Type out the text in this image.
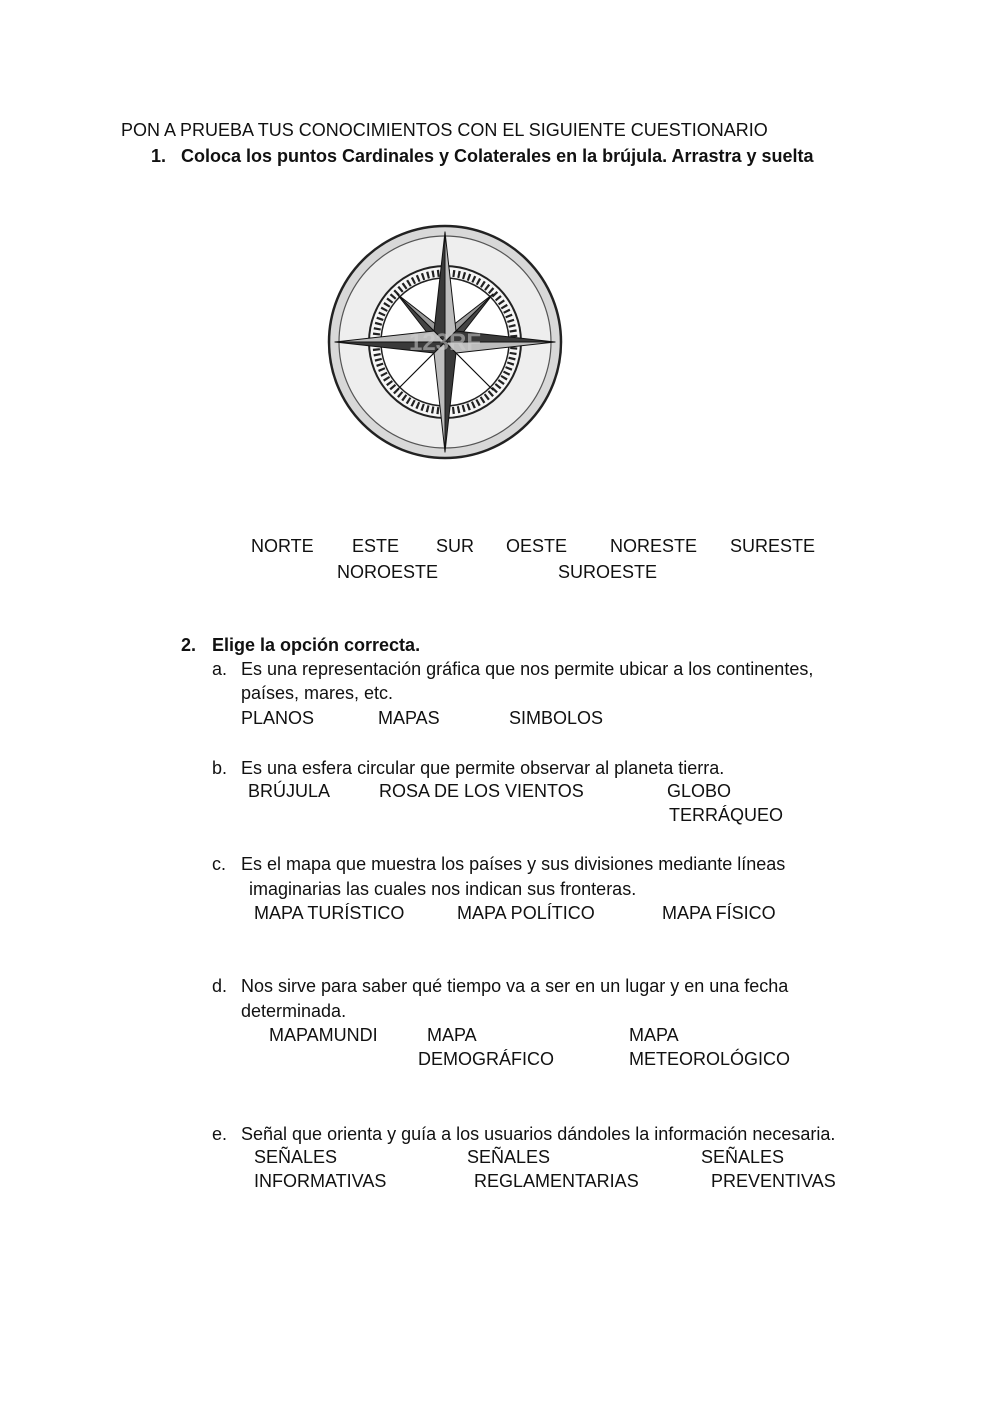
PON A PRUEBA TUS CONOCIMIENTOS CON EL SIGUIENTE CUESTIONARIO
1. Coloca los puntos Cardinales y Colaterales en la brújula. Arrastra y suelta
123RF
NORTE ESTE SUR OESTE NORESTE SURESTE
NOROESTE	SUROESTE
2. Elige la opción correcta.
a. Es una representación gráfica que nos permite ubicar a los continentes,
países, mares, etc.
PLANOS	MAPAS	SIMBOLOS
b. Es una esfera circular que permite observar al planeta tierra.
BRÚJULA	ROSA DE LOS VIENTOS	GLOBO
TERRÁQUEO
c. Es el mapa que muestra los países y sus divisiones mediante líneas
imaginarias las cuales nos indican sus fronteras.
MAPA TURÍSTICO	MAPA POLÍTICO	MAPA FÍSICO
d. Nos sirve para saber qué tiempo va a ser en un lugar y en una fecha
determinada.
MAPAMUNDI	MAPA
DEMOGRÁFICO
MAPA
METEOROLÓGICO
e. Señal que orienta y guía a los usuarios dándoles la información necesaria.
SEÑALES
INFORMATIVAS
SEÑALES
REGLAMENTARIAS
SEÑALES
PREVENTIVAS
